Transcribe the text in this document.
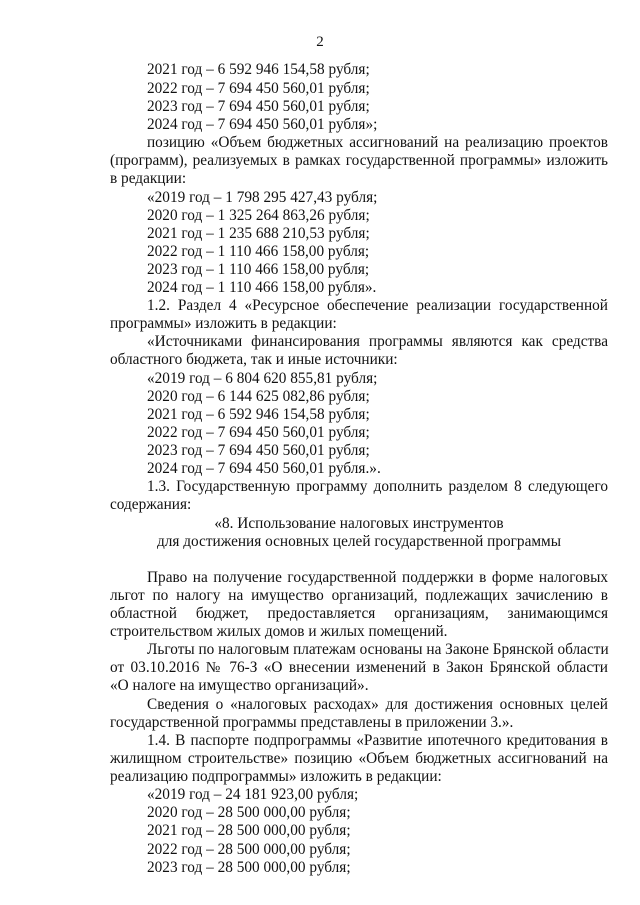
2
2021 год – 6 592 946 154,58 рубля;
2022 год – 7 694 450 560,01 рубля;
2023 год – 7 694 450 560,01 рубля;
2024 год – 7 694 450 560,01 рубля»;
позицию «Объем бюджетных ассигнований на реализацию проектов
(программ), реализуемых в рамках государственной программы» изложить
в редакции:
«2019 год – 1 798 295 427,43 рубля;
2020 год – 1 325 264 863,26 рубля;
2021 год – 1 235 688 210,53 рубля;
2022 год – 1 110 466 158,00 рубля;
2023 год – 1 110 466 158,00 рубля;
2024 год – 1 110 466 158,00 рубля».
1.2. Раздел 4 «Ресурсное обеспечение реализации государственной
программы» изложить в редакции:
«Источниками финансирования программы являются как средства
областного бюджета, так и иные источники:
«2019 год – 6 804 620 855,81 рубля;
2020 год – 6 144 625 082,86 рубля;
2021 год – 6 592 946 154,58 рубля;
2022 год – 7 694 450 560,01 рубля;
2023 год – 7 694 450 560,01 рубля;
2024 год – 7 694 450 560,01 рубля.».
1.3. Государственную программу дополнить разделом 8 следующего
содержания:
«8. Использование налоговых инструментов
для достижения основных целей государственной программы
Право на получение государственной поддержки в форме налоговых
льгот по налогу на имущество организаций, подлежащих зачислению в
областной бюджет, предоставляется организациям, занимающимся
строительством жилых домов и жилых помещений.
Льготы по налоговым платежам основаны на Законе Брянской области
от 03.10.2016 № 76-З «О внесении изменений в Закон Брянской области
«О налоге на имущество организаций».
Сведения о «налоговых расходах» для достижения основных целей
государственной программы представлены в приложении 3.».
1.4. В паспорте подпрограммы «Развитие ипотечного кредитования в
жилищном строительстве» позицию «Объем бюджетных ассигнований на
реализацию подпрограммы» изложить в редакции:
«2019 год – 24 181 923,00 рубля;
2020 год – 28 500 000,00 рубля;
2021 год – 28 500 000,00 рубля;
2022 год – 28 500 000,00 рубля;
2023 год – 28 500 000,00 рубля;
